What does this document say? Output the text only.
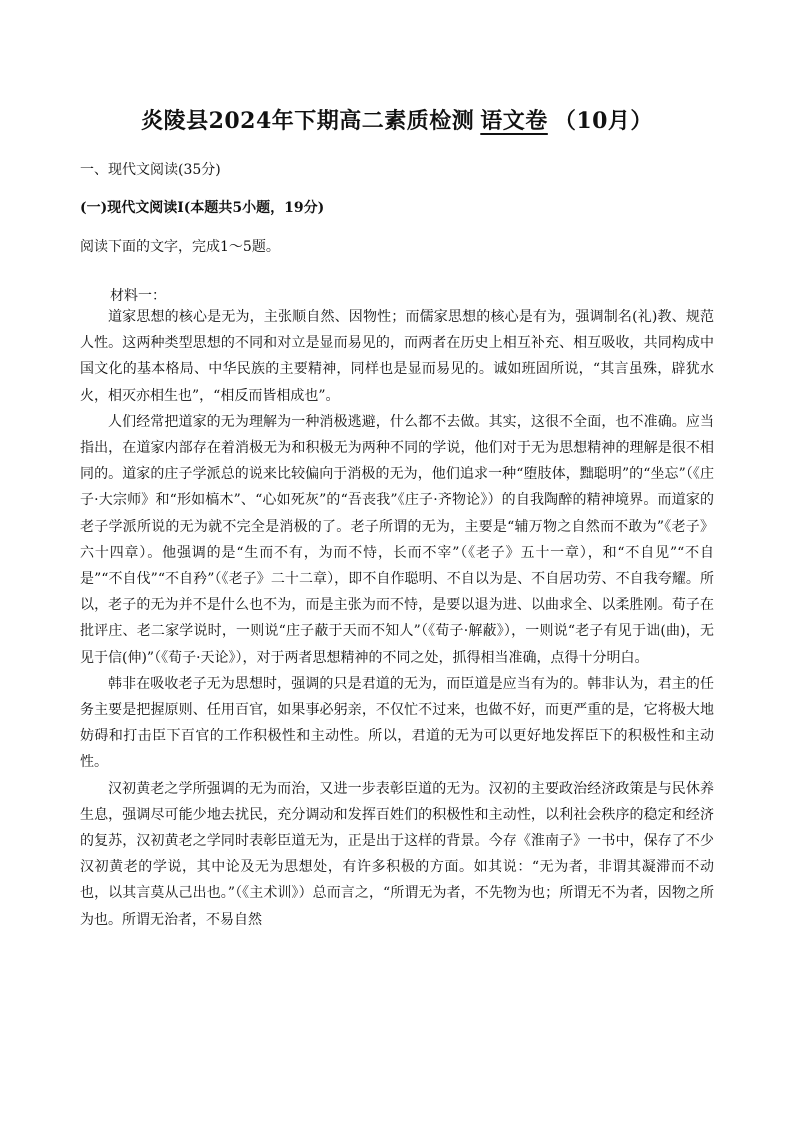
炎陵县2024年下期高二素质检测 语文卷 （10月）
一、现代文阅读(35分)
(一)现代文阅读Ⅰ(本题共5小题，19分)
阅读下面的文字，完成1～5题。
材料一：

道家思想的核心是无为，主张顺自然、因物性；而儒家思想的核心是有为，强调制名(礼)教、规范人性。这两种类型思想的不同和对立是显而易见的，而两者在历史上相互补充、相互吸收，共同构成中国文化的基本格局、中华民族的主要精神，同样也是显而易见的。诚如班固所说，“其言虽殊，辟犹水火，相灭亦相生也”，“相反而皆相成也”。

人们经常把道家的无为理解为一种消极逃避，什么都不去做。其实，这很不全面，也不准确。应当指出，在道家内部存在着消极无为和积极无为两种不同的学说，他们对于无为思想精神的理解是很不相同的。道家的庄子学派总的说来比较偏向于消极的无为，他们追求一种“堕肢体，黜聪明”的“坐忘”（《庄子·大宗师》和“形如槁木”、“心如死灰”的“吾丧我”《庄子·齐物论》）的自我陶醉的精神境界。而道家的老子学派所说的无为就不完全是消极的了。老子所谓的无为，主要是“辅万物之自然而不敢为”《老子》六十四章）。他强调的是“生而不有，为而不恃，长而不宰”（《老子》五十一章），和“不自见”“不自是”“不自伐”“不自矜”（《老子》二十二章），即不自作聪明、不自以为是、不自居功劳、不自我夸耀。所以，老子的无为并不是什么也不为，而是主张为而不恃，是要以退为进、以曲求全、以柔胜刚。荀子在批评庄、老二家学说时，一则说“庄子蔽于天而不知人”（《荀子·解蔽》），一则说“老子有见于诎(曲)，无见于信(伸)”（《荀子·天论》），对于两者思想精神的不同之处，抓得相当准确，点得十分明白。

韩非在吸收老子无为思想时，强调的只是君道的无为，而臣道是应当有为的。韩非认为，君主的任务主要是把握原则、任用百官，如果事必躬亲，不仅忙不过来，也做不好，而更严重的是，它将极大地妨碍和打击臣下百官的工作积极性和主动性。所以，君道的无为可以更好地发挥臣下的积极性和主动性。

汉初黄老之学所强调的无为而治，又进一步表彰臣道的无为。汉初的主要政治经济政策是与民休养生息，强调尽可能少地去扰民，充分调动和发挥百姓们的积极性和主动性，以利社会秩序的稳定和经济的复苏，汉初黄老之学同时表彰臣道无为，正是出于这样的背景。今存《淮南子》一书中，保存了不少汉初黄老的学说，其中论及无为思想处，有许多积极的方面。如其说：“无为者，非谓其凝滞而不动也，以其言莫从己出也。”（《主术训》）总而言之，“所谓无为者，不先物为也；所谓无不为者，因物之所为也。所谓无治者，不易自然
